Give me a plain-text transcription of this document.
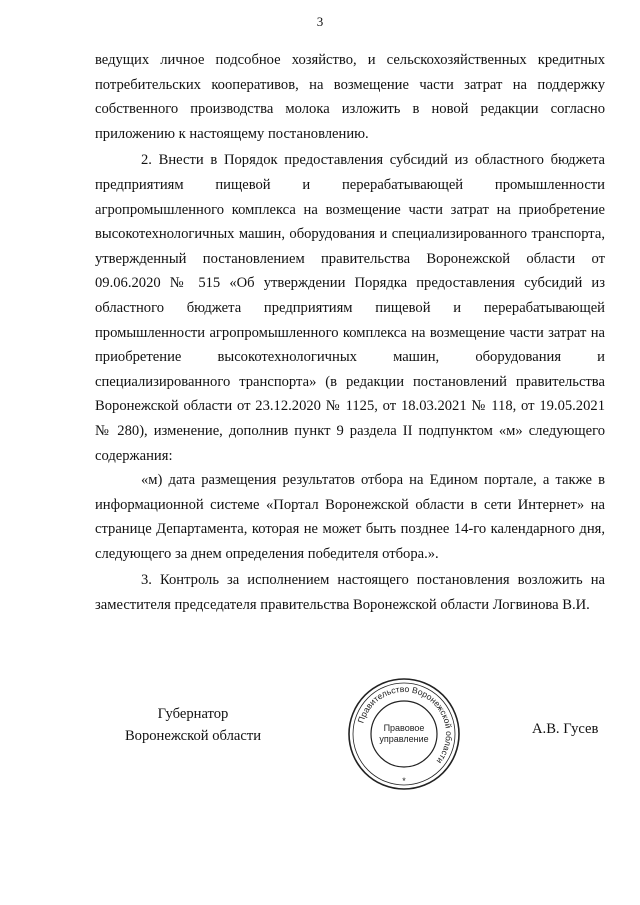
3

ведущих личное подсобное хозяйство, и сельскохозяйственных кредитных потребительских кооперативов, на возмещение части затрат на поддержку собственного производства молока изложить в новой редакции согласно приложению к настоящему постановлению.

2. Внести в Порядок предоставления субсидий из областного бюджета предприятиям пищевой и перерабатывающей промышленности агропромышленного комплекса на возмещение части затрат на приобретение высокотехнологичных машин, оборудования и специализированного транспорта, утвержденный постановлением правительства Воронежской области от 09.06.2020 № 515 «Об утверждении Порядка предоставления субсидий из областного бюджета предприятиям пищевой и перерабатывающей промышленности агропромышленного комплекса на возмещение части затрат на приобретение высокотехнологичных машин, оборудования и специализированного транспорта» (в редакции постановлений правительства Воронежской области от 23.12.2020 № 1125, от 18.03.2021 № 118, от 19.05.2021 № 280), изменение, дополнив пункт 9 раздела II подпунктом «м» следующего содержания:

«м) дата размещения результатов отбора на Едином портале, а также в информационной системе «Портал Воронежской области в сети Интернет» на странице Департамента, которая не может быть позднее 14-го календарного дня, следующего за днем определения победителя отбора.».

3. Контроль за исполнением настоящего постановления возложить на заместителя председателя правительства Воронежской области Логвинова В.И.

Губернатор
Воронежской области
Правительство Воронежской области
Правовое
управление
*
А.В. Гусев
